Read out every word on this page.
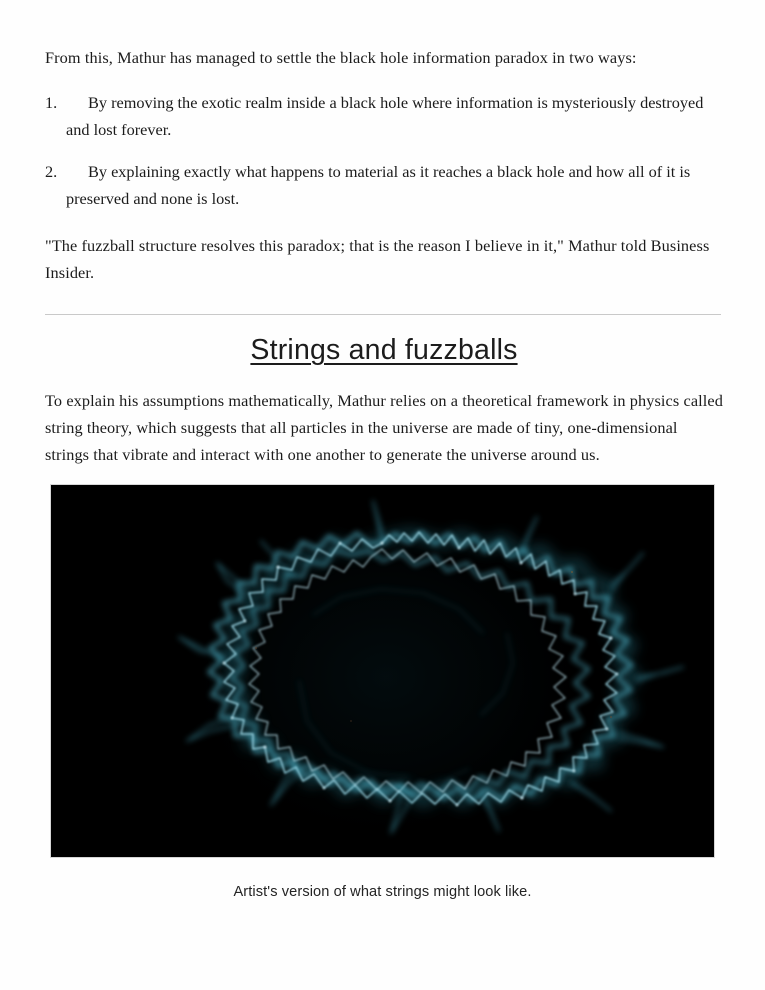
From this, Mathur has managed to settle the black hole information paradox in two ways:

1.	By removing the exotic realm inside a black hole where information is mysteriously destroyed and lost forever.
2.	By explaining exactly what happens to material as it reaches a black hole and how all of it is preserved and none is lost.

"The fuzzball structure resolves this paradox; that is the reason I believe in it," Mathur told Business Insider.

Strings and fuzzballs

To explain his assumptions mathematically, Mathur relies on a theoretical framework in physics called string theory, which suggests that all particles in the universe are made of tiny, one-dimensional strings that vibrate and interact with one another to generate the universe around us.

Artist's version of what strings might look like.
